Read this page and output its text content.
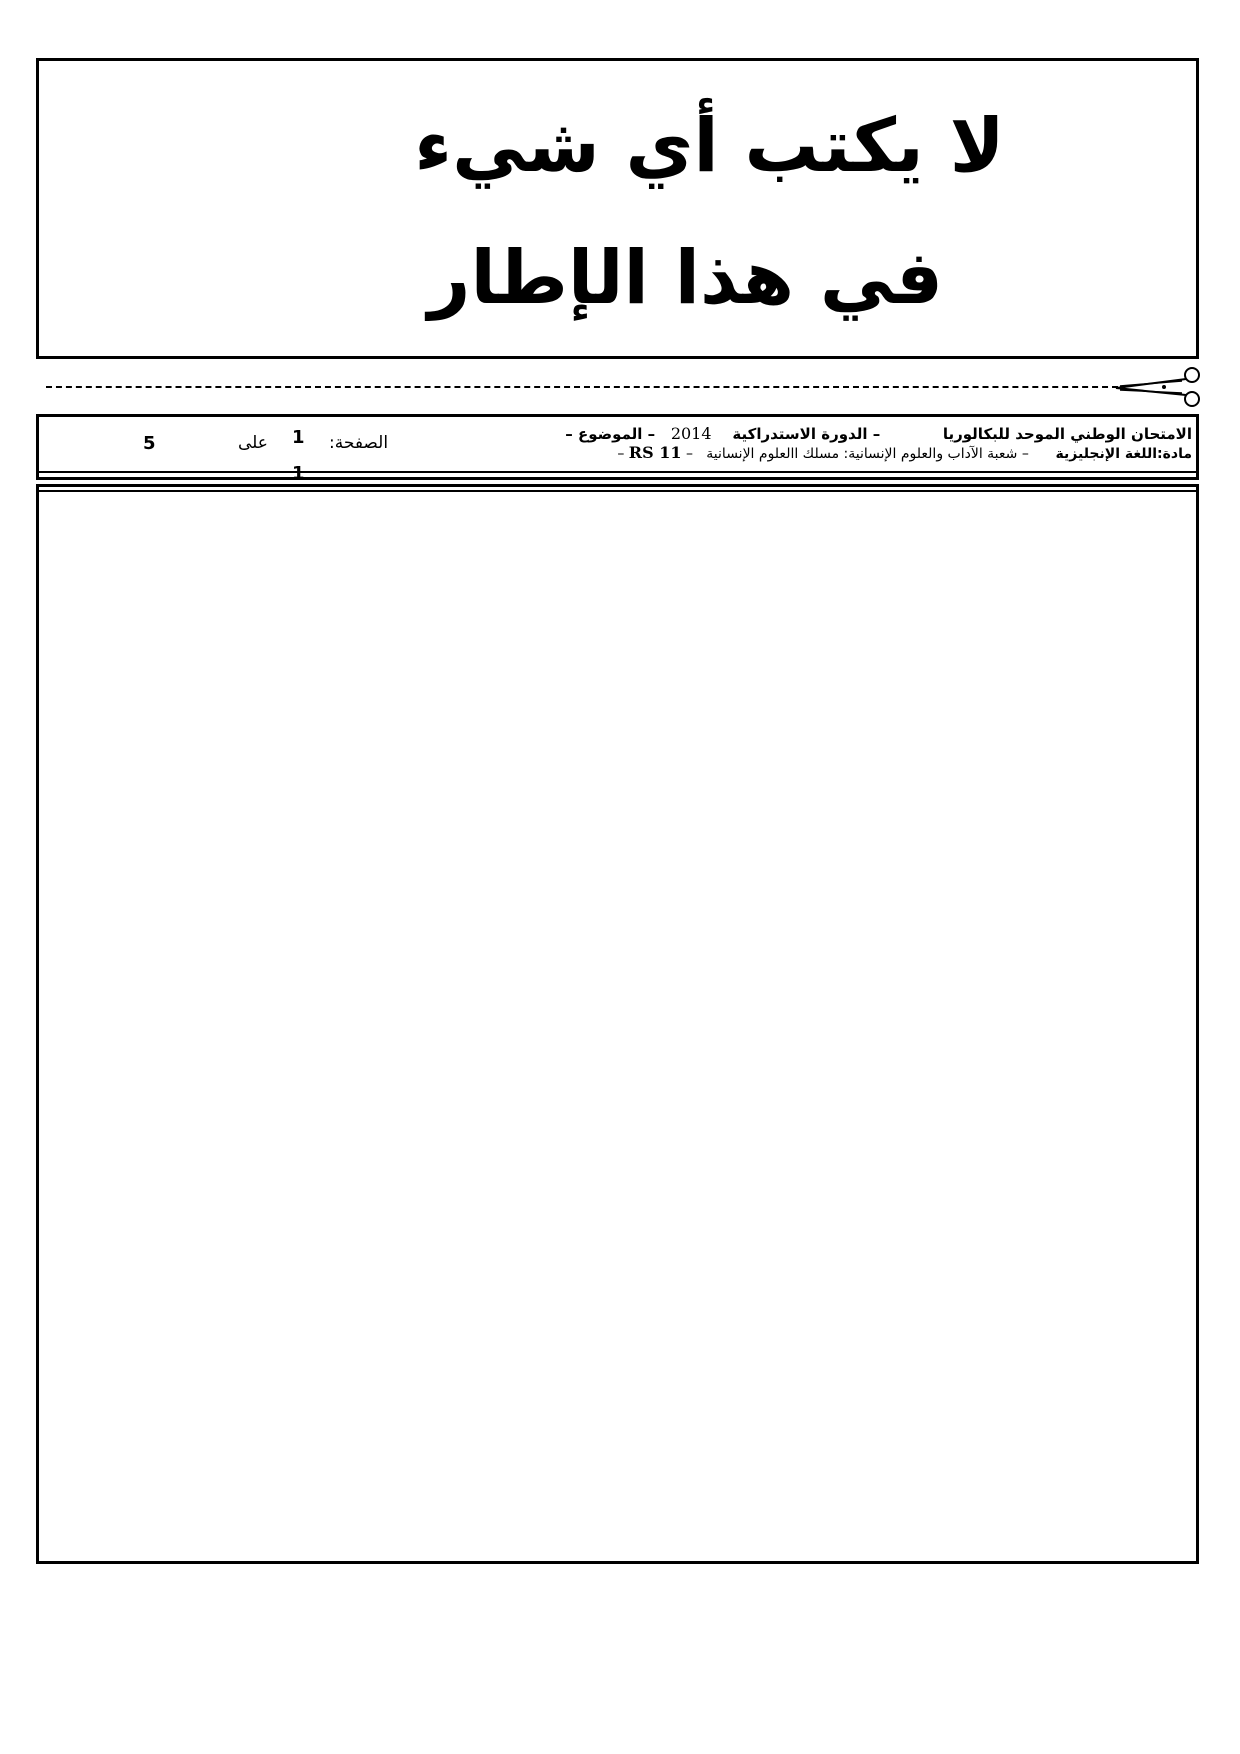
لا يكتب أي شيء
في هذا الإطار
الامتحان الوطني الموحد للبكالوريا            – الدورة الاستدراكية    2014   – الموضوع –
مادة:اللغة الإنجليزية      – شعبة الآداب والعلوم الإنسانية: مسلك االعلوم الإنسانية   – RS 11 –
الصفحة:
1
1
على
5
